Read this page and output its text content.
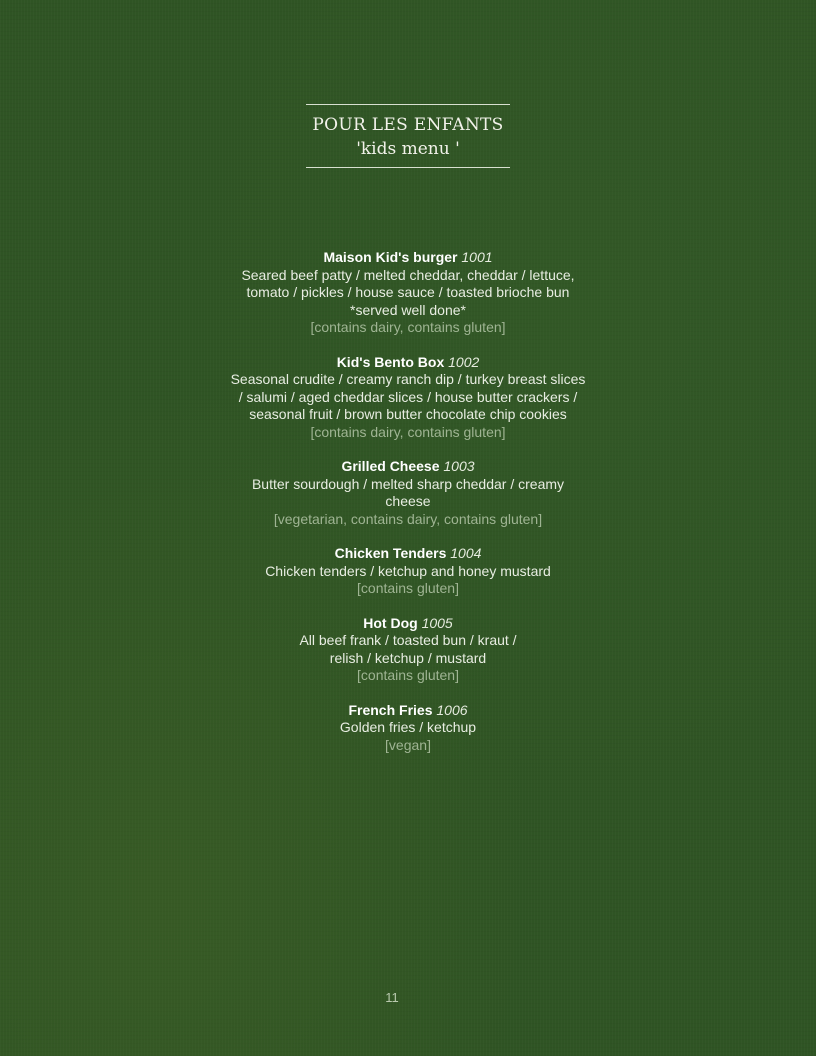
POUR LES ENFANTS
'kids menu '
Maison Kid's burger 1001
Seared beef patty / melted cheddar, cheddar / lettuce, tomato / pickles / house sauce / toasted brioche bun *served well done*
[contains dairy, contains gluten]
Kid's Bento Box 1002
Seasonal crudite / creamy ranch dip / turkey breast slices / salumi / aged cheddar slices / house butter crackers / seasonal fruit / brown butter chocolate chip cookies
[contains dairy, contains gluten]
Grilled Cheese 1003
Butter sourdough / melted sharp cheddar / creamy cheese
[vegetarian, contains dairy, contains gluten]
Chicken Tenders 1004
Chicken tenders / ketchup and honey mustard
[contains gluten]
Hot Dog 1005
All beef frank / toasted bun / kraut / relish / ketchup / mustard
[contains gluten]
French Fries 1006
Golden fries / ketchup
[vegan]
11
